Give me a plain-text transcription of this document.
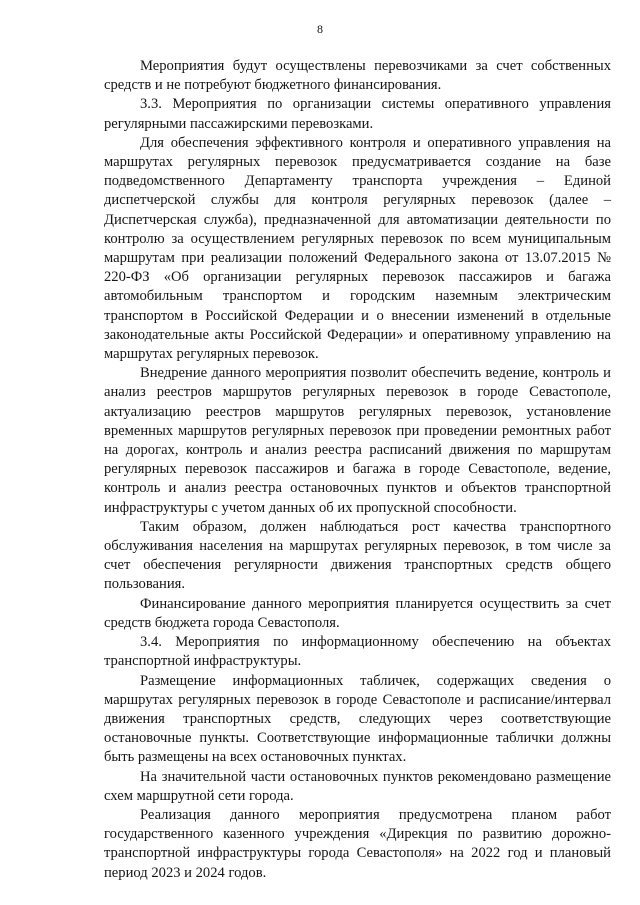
8

Мероприятия будут осуществлены перевозчиками за счет собственных средств и не потребуют бюджетного финансирования.

3.3. Мероприятия по организации системы оперативного управления регулярными пассажирскими перевозками.

Для обеспечения эффективного контроля и оперативного управления на маршрутах регулярных перевозок предусматривается создание на базе подведомственного Департаменту транспорта учреждения – Единой диспетчерской службы для контроля регулярных перевозок (далее – Диспетчерская служба), предназначенной для автоматизации деятельности по контролю за осуществлением регулярных перевозок по всем муниципальным маршрутам при реализации положений Федерального закона от 13.07.2015 № 220-ФЗ «Об организации регулярных перевозок пассажиров и багажа автомобильным транспортом и городским наземным электрическим транспортом в Российской Федерации и о внесении изменений в отдельные законодательные акты Российской Федерации» и оперативному управлению на маршрутах регулярных перевозок.

Внедрение данного мероприятия позволит обеспечить ведение, контроль и анализ реестров маршрутов регулярных перевозок в городе Севастополе, актуализацию реестров маршрутов регулярных перевозок, установление временных маршрутов регулярных перевозок при проведении ремонтных работ на дорогах, контроль и анализ реестра расписаний движения по маршрутам регулярных перевозок пассажиров и багажа в городе Севастополе, ведение, контроль и анализ реестра остановочных пунктов и объектов транспортной инфраструктуры с учетом данных об их пропускной способности.

Таким образом, должен наблюдаться рост качества транспортного обслуживания населения на маршрутах регулярных перевозок, в том числе за счет обеспечения регулярности движения транспортных средств общего пользования.

Финансирование данного мероприятия планируется осуществить за счет средств бюджета города Севастополя.

3.4. Мероприятия по информационному обеспечению на объектах транспортной инфраструктуры.

Размещение информационных табличек, содержащих сведения о маршрутах регулярных перевозок в городе Севастополе и расписание/интервал движения транспортных средств, следующих через соответствующие остановочные пункты. Соответствующие информационные таблички должны быть размещены на всех остановочных пунктах.

На значительной части остановочных пунктов рекомендовано размещение схем маршрутной сети города.

Реализация данного мероприятия предусмотрена планом работ государственного казенного учреждения «Дирекция по развитию дорожно-транспортной инфраструктуры города Севастополя» на 2022 год и плановый период 2023 и 2024 годов.
